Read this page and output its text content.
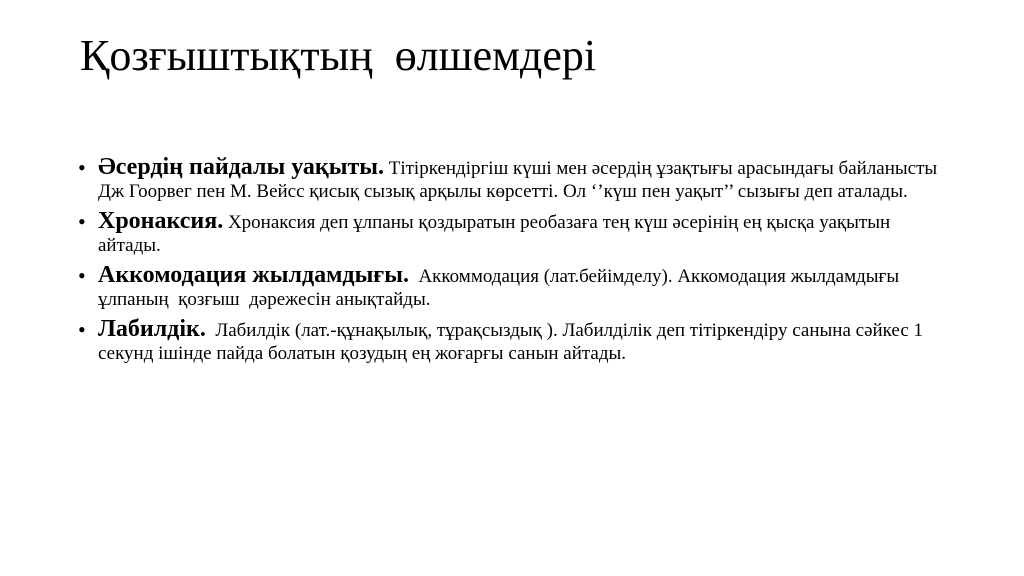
Қозғыштықтың  өлшемдері
• Әсердің пайдалы уақыты. Тітіркендіргіш күші мен әсердің ұзақтығы арасындағы байланысты Дж Гоорвег пен М. Вейсс қисық сызық арқылы көрсетті. Ол ‘’күш пен уақыт’’ сызығы деп аталады.
• Хронаксия. Хронаксия деп ұлпаны қоздыратын реобазаға тең күш әсерінің ең қысқа уақытын айтады.
• Аккомодация жылдамдығы.  Аккоммодация (лат.бейімделу). Аккомодация жылдамдығы  ұлпаның  қозғыш  дәрежесін анықтайды.
• Лабилдік.  Лабилдік (лат.-құнақылық, тұрақсыздық ). Лабилділік деп тітіркендіру санына сәйкес 1 секунд ішінде пайда болатын қозудың ең жоғарғы санын айтады.
